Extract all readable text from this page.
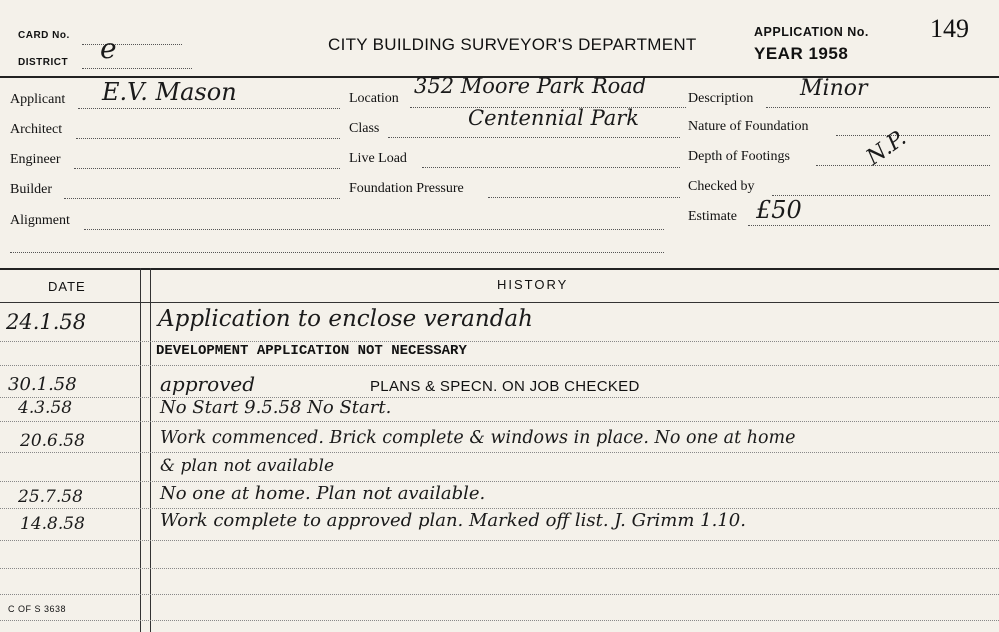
CARD No.
DISTRICT e	CITY BUILDING SURVEYOR'S DEPARTMENT
APPLICATION No.
YEAR 1958
149
Applicant E.V. Mason
Architect
Engineer
Builder
Alignment
Location
352 Moore Park Road
Class	Centennial Park
Live Load
Foundation Pressure
Description Minor
Nature of Foundation
Depth of Footings	N.P.
Checked by
Estimate £50
DATE	HISTORY
24.1.58	Application to enclose verandah
DEVELOPMENT APPLICATION NOT NECESSARY
30.1.58	approved	PLANS & SPECN. ON JOB CHECKED
4.3.58	No Start 9.5.58 No Start.
20.6.58	Work commenced. Brick complete & windows in place. No one at home
& plan not available
25.7.58	No one at home. Plan not available.
14.8.58	Work complete to approved plan. Marked off list. J. Grimm 1.10.
C OF S 3638
